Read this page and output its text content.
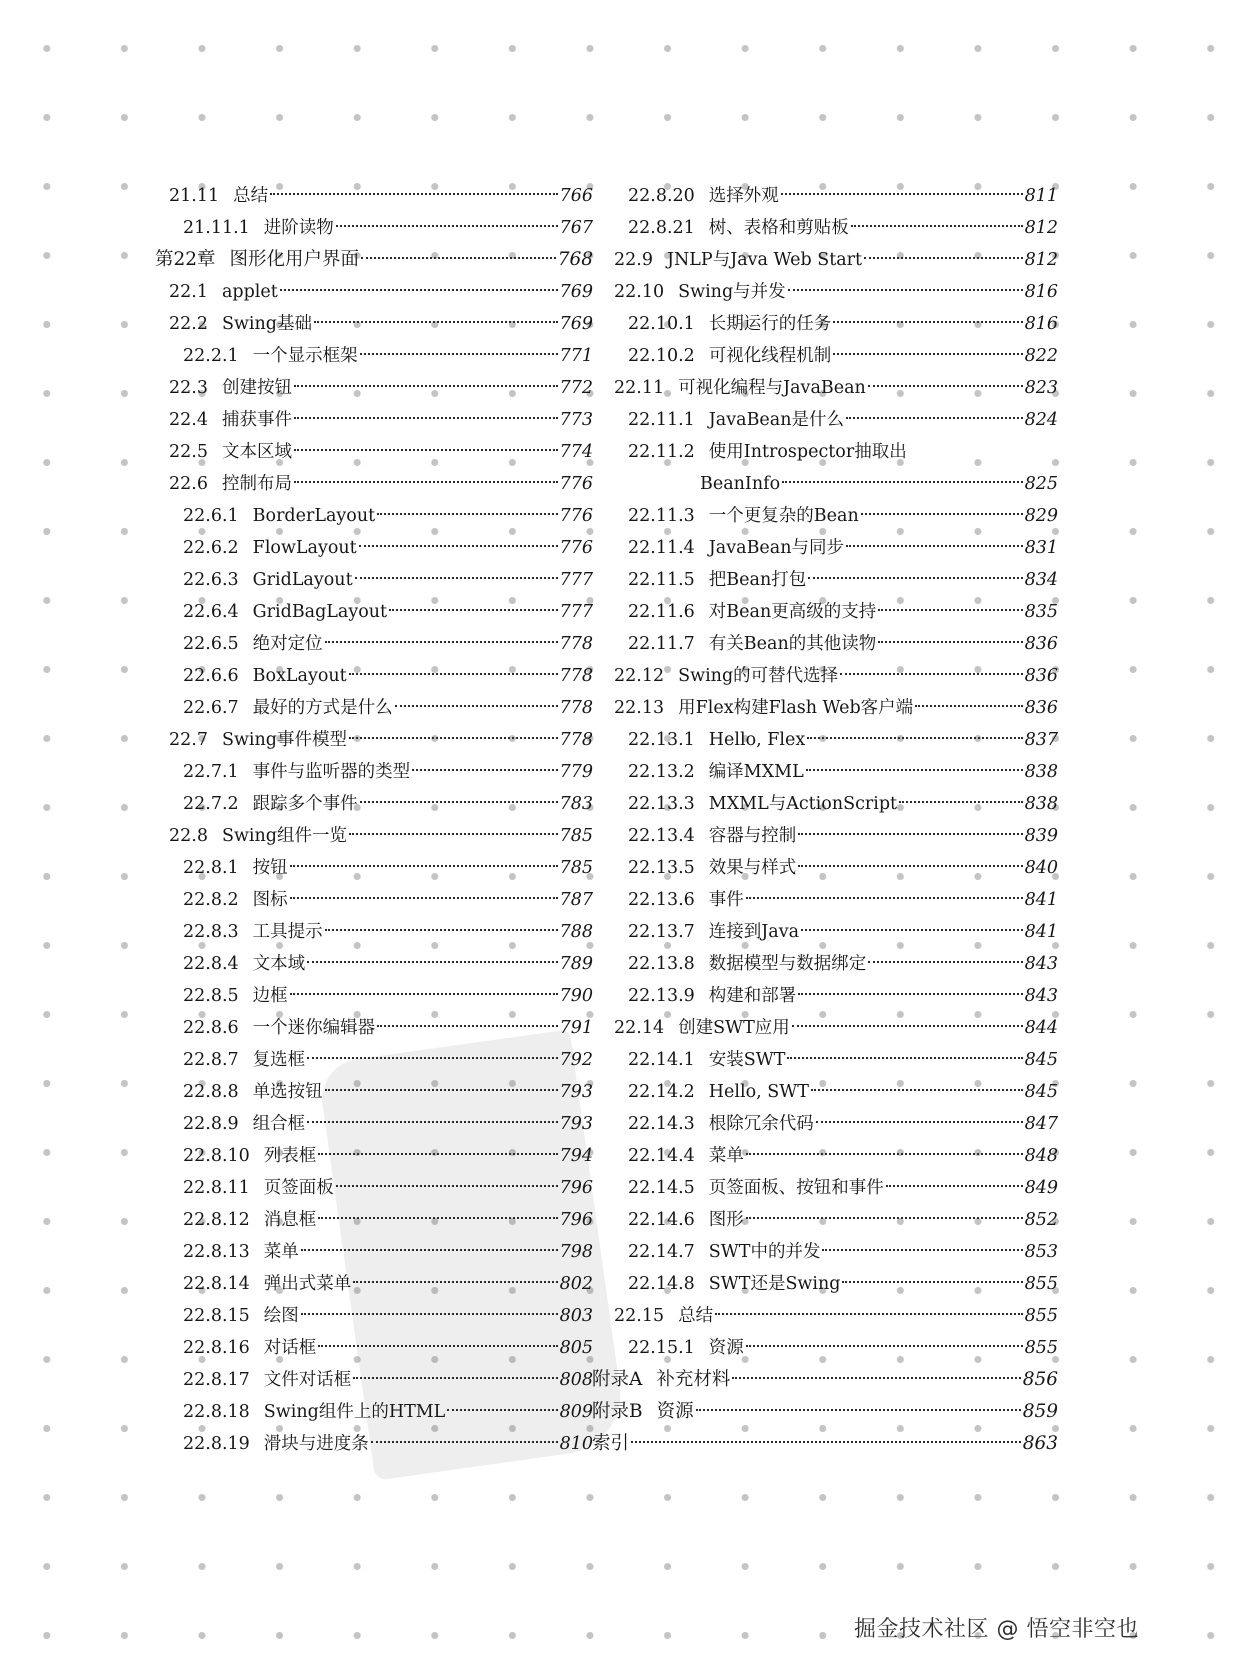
21.11 总结	766
21.11.1 进阶读物	767
第22章 图形化用户界面	768
22.1 applet	769
22.2 Swing基础	769
22.2.1 一个显示框架	771
22.3 创建按钮	772
22.4 捕获事件	773
22.5 文本区域	774
22.6 控制布局	776
22.6.1 BorderLayout	776
22.6.2 FlowLayout	776
22.6.3 GridLayout	777
22.6.4 GridBagLayout	777
22.6.5 绝对定位	778
22.6.6 BoxLayout	778
22.6.7 最好的方式是什么	778
22.7 Swing事件模型	778
22.7.1 事件与监听器的类型	779
22.7.2 跟踪多个事件	783
22.8 Swing组件一览	785
22.8.1 按钮	785
22.8.2 图标	787
22.8.3 工具提示	788
22.8.4 文本域	789
22.8.5 边框	790
22.8.6 一个迷你编辑器	791
22.8.7 复选框	792
22.8.8 单选按钮	793
22.8.9 组合框	793
22.8.10 列表框	794
22.8.11 页签面板	796
22.8.12 消息框	796
22.8.13 菜单	798
22.8.14 弹出式菜单	802
22.8.15 绘图	803
22.8.16 对话框	805
22.8.17 文件对话框	808
22.8.18 Swing组件上的HTML	809
22.8.19 滑块与进度条	810
22.8.20 选择外观	811
22.8.21 树、表格和剪贴板	812
22.9 JNLP与Java Web Start	812
22.10 Swing与并发	816
22.10.1 长期运行的任务	816
22.10.2 可视化线程机制	822
22.11 可视化编程与JavaBean	823
22.11.1 JavaBean是什么	824
22.11.2 使用Introspector抽取出
BeanInfo	825
22.11.3 一个更复杂的Bean	829
22.11.4 JavaBean与同步	831
22.11.5 把Bean打包	834
22.11.6 对Bean更高级的支持	835
22.11.7 有关Bean的其他读物	836
22.12 Swing的可替代选择	836
22.13 用Flex构建Flash Web客户端	836
22.13.1 Hello, Flex	837
22.13.2 编译MXML	838
22.13.3 MXML与ActionScript	838
22.13.4 容器与控制	839
22.13.5 效果与样式	840
22.13.6 事件	841
22.13.7 连接到Java	841
22.13.8 数据模型与数据绑定	843
22.13.9 构建和部署	843
22.14 创建SWT应用	844
22.14.1 安装SWT	845
22.14.2 Hello, SWT	845
22.14.3 根除冗余代码	847
22.14.4 菜单	848
22.14.5 页签面板、按钮和事件	849
22.14.6 图形	852
22.14.7 SWT中的并发	853
22.14.8 SWT还是Swing	855
22.15 总结	855
22.15.1 资源	855
附录A 补充材料	856
附录B 资源	859
索引	863
掘金技术社区 @ 悟空非空也
